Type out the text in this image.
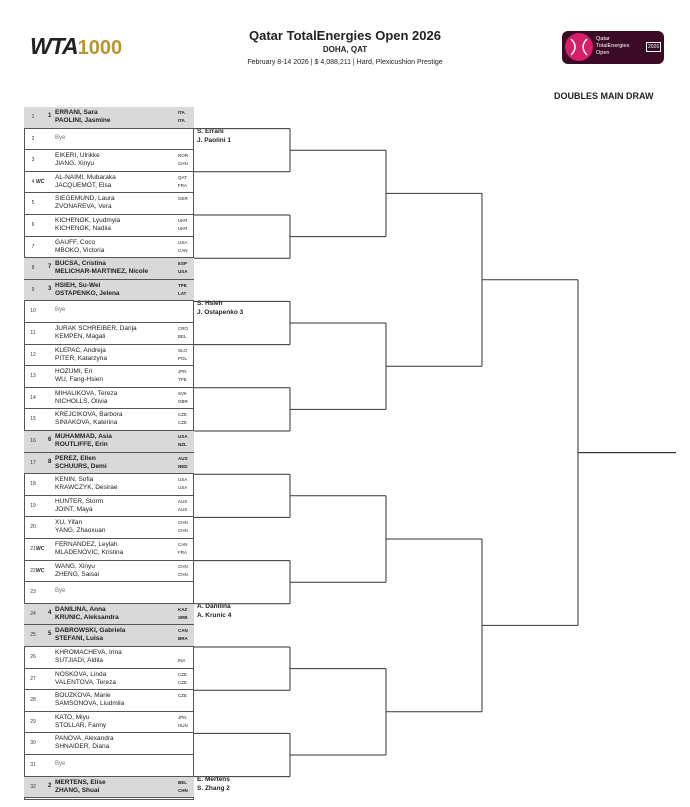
WTA1000
Qatar TotalEnergies Open 2026
DOHA, QAT
February 8-14 2026 | $ 4,088,211 | Hard, Plexicushion Prestige
Qatar
TotalEnergies
Open
2026
DOUBLES MAIN DRAW
1	1 ERRANI, Sara	ITA
PAOLINI, Jasmine	ITA
2	Bye
3
EIKERI, Ulrikke	NOR
JIANG, Xinyu	CHN
4 WC
AL-NAIMI, Mubaraka	QAT
JACQUEMOT, Elsa	FRA
5
SIEGEMUND, Laura	GER
ZVONAREVA, Vera
6
KICHENOK, Lyudmyla	UKR
KICHENOK, Nadiia	UKR
7
GAUFF, Coco	USA
MBOKO, Victoria	CAN
8	7 BUCSA, Cristina	ESP
MELICHAR-MARTINEZ, Nicole	USA
9	3 HSIEH, Su-Wei	TPE
OSTAPENKO, Jelena	LAT
10	Bye
11
JURAK SCHREIBER, Darija	CRO
KEMPEN, Magali	BEL
12
KLEPAC, Andreja	SLO
PITER, Katarzyna	POL
13
HOZUMI, Eri	JPN
WU, Fang-Hsien	TPE
14
MIHALIKOVA, Tereza	SVK
NICHOLLS, Olivia	GBR
15
KREJCIKOVA, Barbora	CZE
SINIAKOVA, Katerina	CZE
16	6 MUHAMMAD, Asia	USA
ROUTLIFFE, Erin	NZL
17	8 PEREZ, Ellen	AUS
SCHUURS, Demi	NED
18
KENIN, Sofia	USA
KRAWCZYK, Desirae	USA
19
HUNTER, Storm	AUS
JOINT, Maya	AUS
20
XU, Yifan	CHN
YANG, Zhaoxuan	CHN
21 WC
FERNANDEZ, Leylah	CAN
MLADENOVIC, Kristina	FRA
22 WC
WANG, Xinyu	CHN
ZHENG, Saisai	CHN
23	Bye
24	4 DANILINA, Anna	KAZ
KRUNIC, Aleksandra	SRB
25	5 DABROWSKI, Gabriela	CAN
STEFANI, Luisa	BRA
26
KHROMACHEVA, Irina
SUTJIADI, Aldila	INA
27
NOSKOVA, Linda	CZE
VALENTOVA, Tereza	CZE
28
BOUZKOVA, Marie	CZE
SAMSONOVA, Liudmila
29
KATO, Miyu	JPN
STOLLAR, Fanny	HUN
30
PANOVA, Alexandra
SHNAIDER, Diana
31	Bye
32	2 MERTENS, Elise	BEL
ZHANG, Shuai	CHN
S. Errani
J. Paolini 1
S. Hsieh
J. Ostapenko 3
A. Danilina
A. Krunic 4
E. Mertens
S. Zhang 2
